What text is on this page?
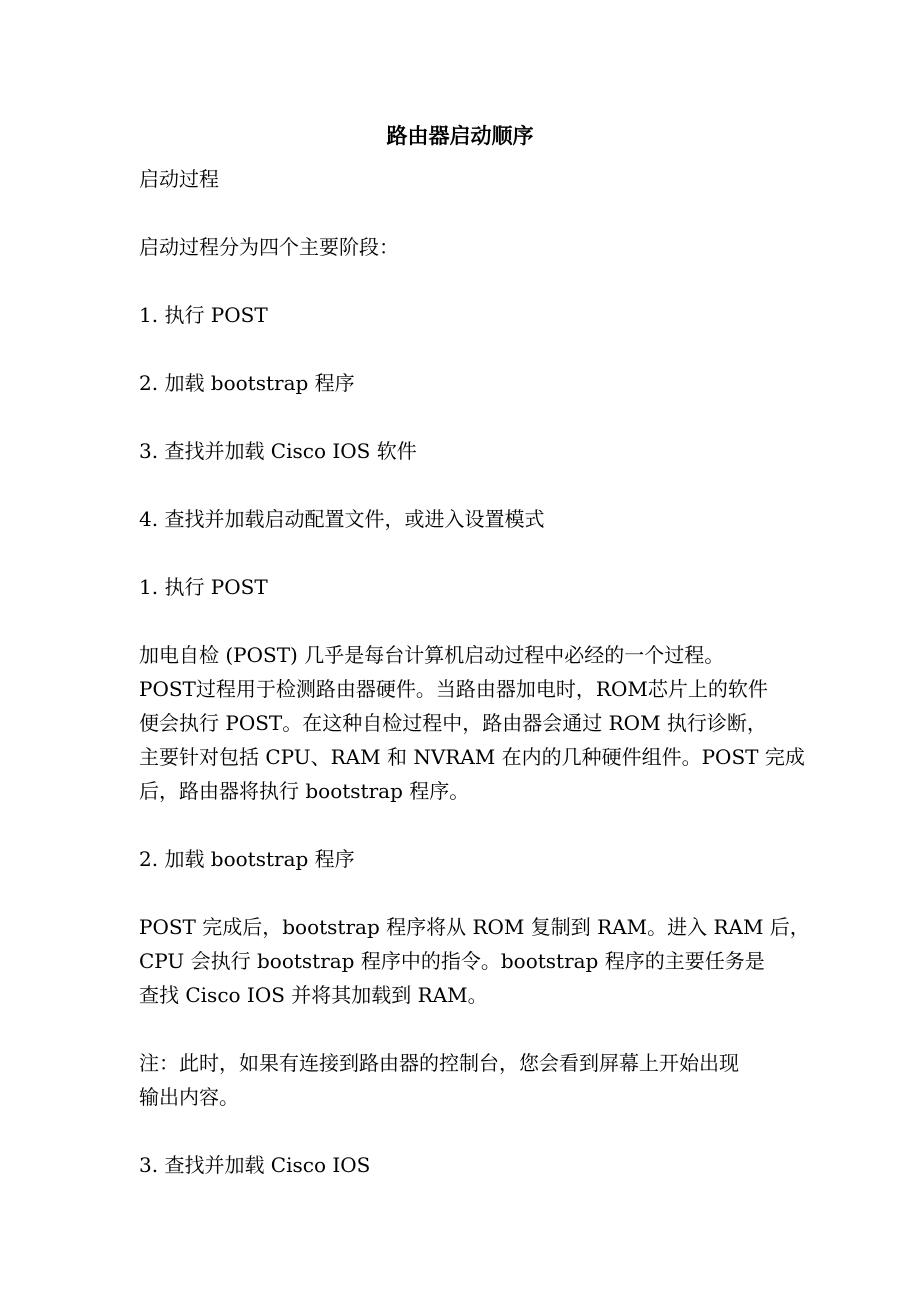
路由器启动顺序
启动过程
启动过程分为四个主要阶段：
1. 执行 POST
2. 加载 bootstrap 程序
3. 查找并加载 Cisco IOS 软件
4. 查找并加载启动配置文件，或进入设置模式
1. 执行 POST
加电自检 (POST) 几乎是每台计算机启动过程中必经的一个过程。
POST过程用于检测路由器硬件。当路由器加电时，ROM芯片上的软件
便会执行 POST。在这种自检过程中，路由器会通过 ROM 执行诊断，
主要针对包括 CPU、RAM 和 NVRAM 在内的几种硬件组件。POST 完成
后，路由器将执行 bootstrap 程序。
2. 加载 bootstrap 程序
POST 完成后，bootstrap 程序将从 ROM 复制到 RAM。进入 RAM 后，
CPU 会执行 bootstrap 程序中的指令。bootstrap 程序的主要任务是
查找 Cisco IOS 并将其加载到 RAM。
注：此时，如果有连接到路由器的控制台，您会看到屏幕上开始出现
输出内容。
3. 查找并加载 Cisco IOS
